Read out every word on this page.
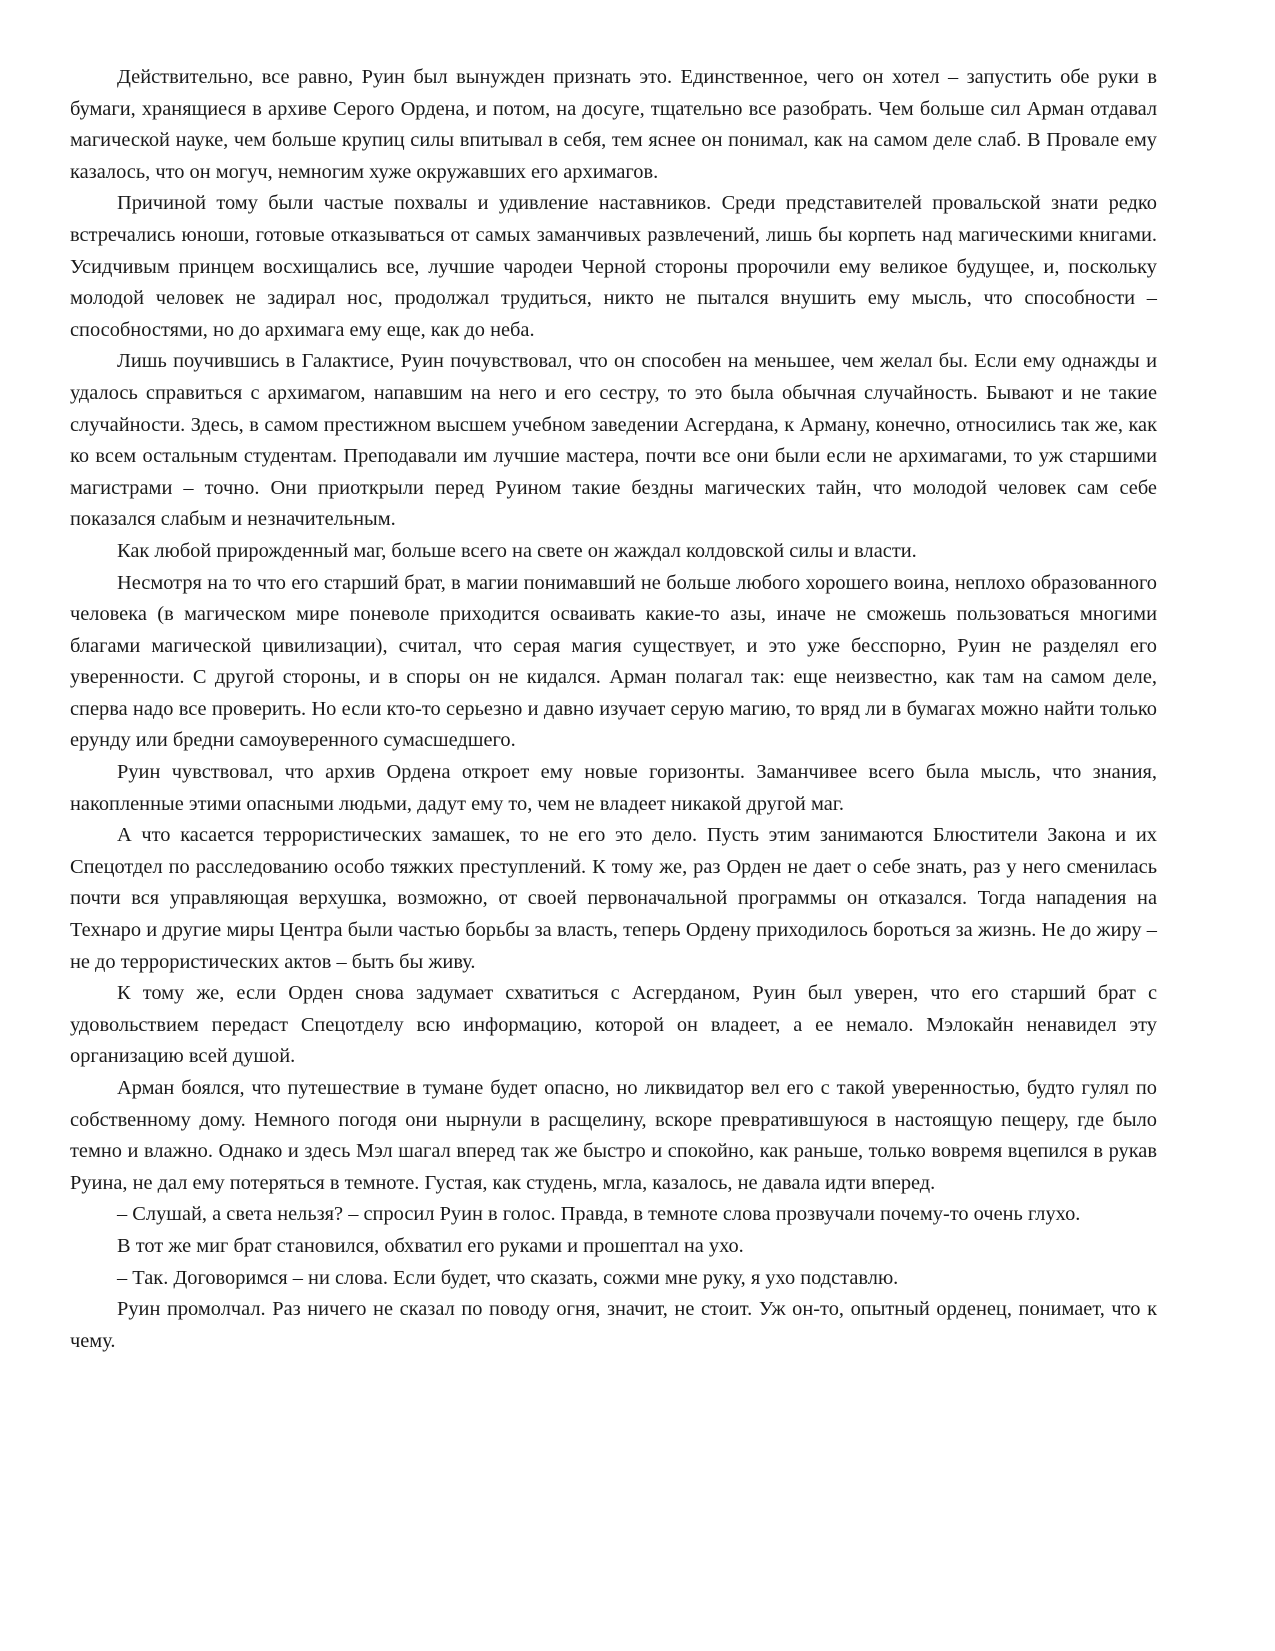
Действительно, все равно, Руин был вынужден признать это. Единственное, чего он хотел – запустить обе руки в бумаги, хранящиеся в архиве Серого Ордена, и потом, на досуге, тщательно все разобрать. Чем больше сил Арман отдавал магической науке, чем больше крупиц силы впитывал в себя, тем яснее он понимал, как на самом деле слаб. В Провале ему казалось, что он могуч, немногим хуже окружавших его архимагов.

Причиной тому были частые похвалы и удивление наставников. Среди представителей провальской знати редко встречались юноши, готовые отказываться от самых заманчивых развлечений, лишь бы корпеть над магическими книгами. Усидчивым принцем восхищались все, лучшие чародеи Черной стороны пророчили ему великое будущее, и, поскольку молодой человек не задирал нос, продолжал трудиться, никто не пытался внушить ему мысль, что способности – способностями, но до архимага ему еще, как до неба.

Лишь поучившись в Галактисе, Руин почувствовал, что он способен на меньшее, чем желал бы. Если ему однажды и удалось справиться с архимагом, напавшим на него и его сестру, то это была обычная случайность. Бывают и не такие случайности. Здесь, в самом престижном высшем учебном заведении Асгердана, к Арману, конечно, относились так же, как ко всем остальным студентам. Преподавали им лучшие мастера, почти все они были если не архимагами, то уж старшими магистрами – точно. Они приоткрыли перед Руином такие бездны магических тайн, что молодой человек сам себе показался слабым и незначительным.

Как любой прирожденный маг, больше всего на свете он жаждал колдовской силы и власти.

Несмотря на то что его старший брат, в магии понимавший не больше любого хорошего воина, неплохо образованного человека (в магическом мире поневоле приходится осваивать какие-то азы, иначе не сможешь пользоваться многими благами магической цивилизации), считал, что серая магия существует, и это уже бесспорно, Руин не разделял его уверенности. С другой стороны, и в споры он не кидался. Арман полагал так: еще неизвестно, как там на самом деле, сперва надо все проверить. Но если кто-то серьезно и давно изучает серую магию, то вряд ли в бумагах можно найти только ерунду или бредни самоуверенного сумасшедшего.

Руин чувствовал, что архив Ордена откроет ему новые горизонты. Заманчивее всего была мысль, что знания, накопленные этими опасными людьми, дадут ему то, чем не владеет никакой другой маг.

А что касается террористических замашек, то не его это дело. Пусть этим занимаются Блюстители Закона и их Спецотдел по расследованию особо тяжких преступлений. К тому же, раз Орден не дает о себе знать, раз у него сменилась почти вся управляющая верхушка, возможно, от своей первоначальной программы он отказался. Тогда нападения на Технаро и другие миры Центра были частью борьбы за власть, теперь Ордену приходилось бороться за жизнь. Не до жиру – не до террористических актов – быть бы живу.

К тому же, если Орден снова задумает схватиться с Асгерданом, Руин был уверен, что его старший брат с удовольствием передаст Спецотделу всю информацию, которой он владеет, а ее немало. Мэлокайн ненавидел эту организацию всей душой.

Арман боялся, что путешествие в тумане будет опасно, но ликвидатор вел его с такой уверенностью, будто гулял по собственному дому. Немного погодя они нырнули в расщелину, вскоре превратившуюся в настоящую пещеру, где было темно и влажно. Однако и здесь Мэл шагал вперед так же быстро и спокойно, как раньше, только вовремя вцепился в рукав Руина, не дал ему потеряться в темноте. Густая, как студень, мгла, казалось, не давала идти вперед.

– Слушай, а света нельзя? – спросил Руин в голос. Правда, в темноте слова прозвучали почему-то очень глухо.

В тот же миг брат становился, обхватил его руками и прошептал на ухо.

– Так. Договоримся – ни слова. Если будет, что сказать, сожми мне руку, я ухо подставлю.

Руин промолчал. Раз ничего не сказал по поводу огня, значит, не стоит. Уж он-то, опытный орденец, понимает, что к чему.
